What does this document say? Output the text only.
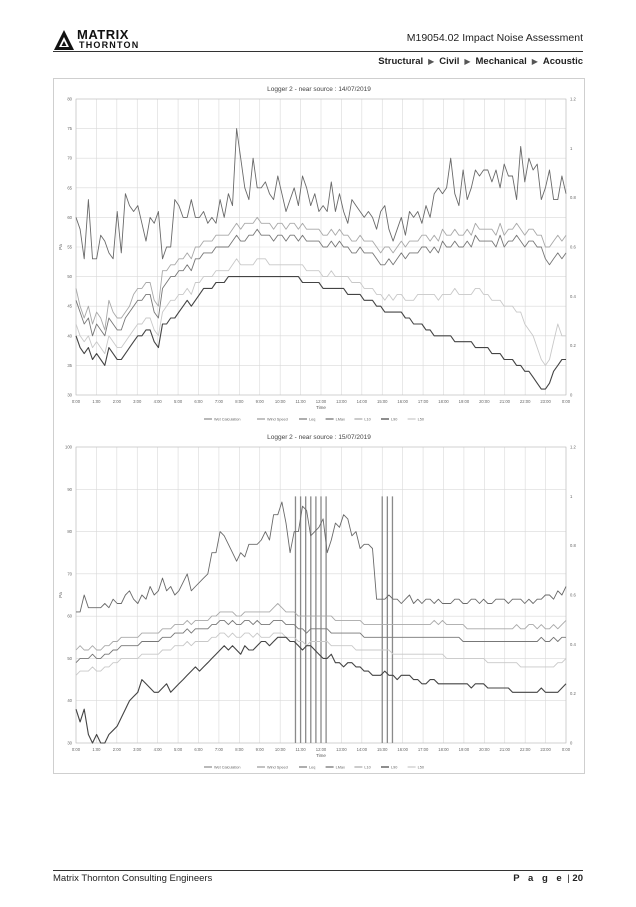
MATRIX
THORNTON
M19054.02 Impact Noise Assessment
Structural ▶ Civil ▶ Mechanical ▶ Acoustic
Logger 2 - near source : 14/07/2019
0:00	1:00	2:00	3:00	4:00	5:00	6:00	7:00	8:00	9:00	10:00 11:00 12:00 13:00 14:00 15:00 16:00 17:00 18:00 19:00 20:00 21:00 22:00 23:00	0:00
30
35
40
45
50
55
60
65
70
75
80
0
0.2
0.4
0.6
0.8
1
1.2
Pa
Time
Wet Calculation	Wind Speed	Leq	LMax	L10	L90	L50
Logger 2 - near source : 15/07/2019
0:00	1:00	2:00	3:00	4:00	5:00	6:00	7:00	8:00	9:00	10:00 11:00 12:00 13:00 14:00 15:00 16:00 17:00 18:00 19:00 20:00 21:00 22:00 23:00	0:00
30
40
50
60
70
80
90
100
0
0.2
0.4
0.6
0.8
1
1.2
Pa
Time
Wet Calculation	Wind Speed	Leq	LMax	L10	L90	L50
Matrix Thornton Consulting Engineers	P a g e | 20
